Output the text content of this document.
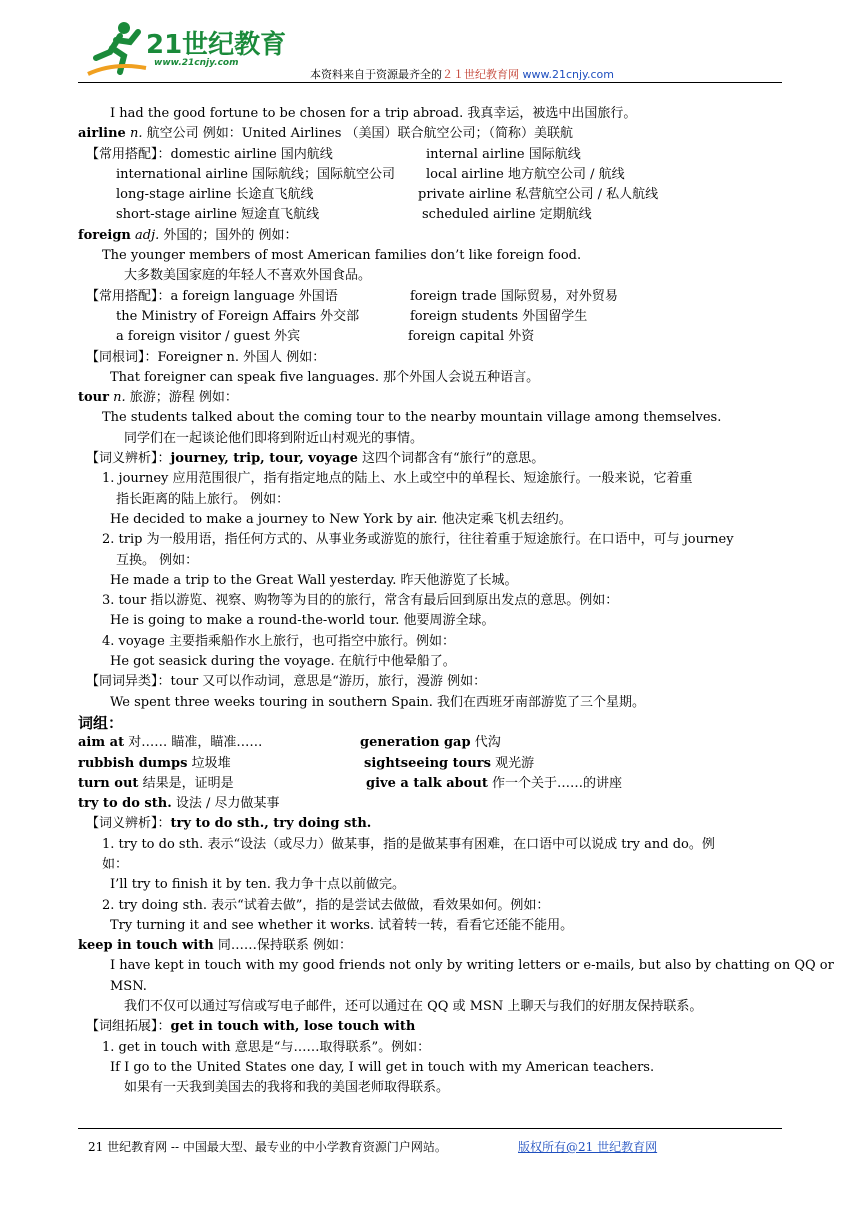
21世纪教育
www.21cnjy.com
本资料来自于资源最齐全的２１世纪教育网 www.21cnjy.com
I had the good fortune to be chosen for a trip abroad. 我真幸运，被选中出国旅行。
airline n. 航空公司 例如：United Airlines （美国）联合航空公司；（简称）美联航
【常用搭配】：domestic airline 国内航线	internal airline 国际航线
international airline 国际航线；国际航空公司 local airline 地方航空公司 / 航线
long-stage airline 长途直飞航线	private airline 私营航空公司 / 私人航线
short-stage airline 短途直飞航线	scheduled airline 定期航线
foreign adj. 外国的；国外的 例如：
The younger members of most American families don’t like foreign food.
大多数美国家庭的年轻人不喜欢外国食品。
【常用搭配】：a foreign language 外国语	foreign trade 国际贸易，对外贸易
the Ministry of Foreign Affairs 外交部	foreign students 外国留学生
a foreign visitor / guest 外宾	foreign capital 外资
【同根词】：Foreigner n. 外国人 例如：
That foreigner can speak five languages. 那个外国人会说五种语言。
tour n. 旅游；游程 例如：
The students talked about the coming tour to the nearby mountain village among themselves.
同学们在一起谈论他们即将到附近山村观光的事情。
【词义辨析】：journey, trip, tour, voyage 这四个词都含有“旅行”的意思。
1. journey 应用范围很广，指有指定地点的陆上、水上或空中的单程长、短途旅行。一般来说，它着重
指长距离的陆上旅行。 例如：
He decided to make a journey to New York by air. 他决定乘飞机去纽约。
2. trip 为一般用语，指任何方式的、从事业务或游览的旅行，往往着重于短途旅行。在口语中，可与 journey
互换。 例如：
He made a trip to the Great Wall yesterday. 昨天他游览了长城。
3. tour 指以游览、视察、购物等为目的的旅行，常含有最后回到原出发点的意思。例如：
He is going to make a round-the-world tour. 他要周游全球。
4. voyage 主要指乘船作水上旅行，也可指空中旅行。例如：
He got seasick during the voyage. 在航行中他晕船了。
【同词异类】：tour 又可以作动词，意思是“游历，旅行，漫游 例如：
We spent three weeks touring in southern Spain. 我们在西班牙南部游览了三个星期。
词组：
aim at 对…… 瞄准，瞄准……	generation gap 代沟
rubbish dumps 垃圾堆	sightseeing tours 观光游
turn out 结果是，证明是	give a talk about 作一个关于……的讲座
try to do sth. 设法 / 尽力做某事
【词义辨析】：try to do sth., try doing sth.
1. try to do sth. 表示“设法（或尽力）做某事，指的是做某事有困难，在口语中可以说成 try and do。例
如：
I’ll try to finish it by ten. 我力争十点以前做完。
2. try doing sth. 表示“试着去做”，指的是尝试去做做，看效果如何。例如：
Try turning it and see whether it works. 试着转一转，看看它还能不能用。
keep in touch with 同……保持联系 例如：
I have kept in touch with my good friends not only by writing letters or e-mails, but also by chatting on QQ or
MSN.
我们不仅可以通过写信或写电子邮件，还可以通过在 QQ 或 MSN 上聊天与我们的好朋友保持联系。
【词组拓展】：get in touch with, lose touch with
1. get in touch with 意思是“与……取得联系”。例如：
If I go to the United States one day, I will get in touch with my American teachers.
如果有一天我到美国去的我将和我的美国老师取得联系。
21 世纪教育网 -- 中国最大型、最专业的中小学教育资源门户网站。	版权所有@21 世纪教育网
